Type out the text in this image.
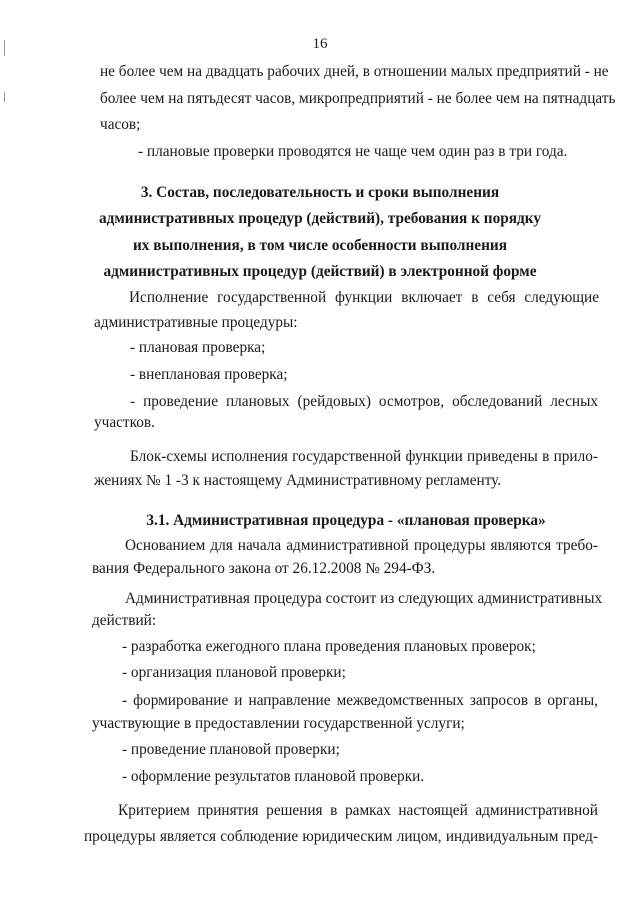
16
не более чем на двадцать рабочих дней, в отношении малых предприятий - не
более чем на пятьдесят часов, микропредприятий - не более чем на пятнадцать
часов;
- плановые проверки проводятся не чаще чем один раз в три года.
3. Состав, последовательность и сроки выполнения
административных процедур (действий), требования к порядку
их выполнения, в том числе особенности выполнения
административных процедур (действий) в электронной форме
Исполнение государственной функции включает в себя следующие
административные процедуры:
- плановая проверка;
- внеплановая проверка;
- проведение плановых (рейдовых) осмотров, обследований лесных
участков.
Блок-схемы исполнения государственной функции приведены в прило-
жениях № 1 -3 к настоящему Административному регламенту.
3.1. Административная процедура - «плановая проверка»
Основанием для начала административной процедуры являются требо-
вания Федерального закона от 26.12.2008 № 294-ФЗ.
Административная процедура состоит из следующих административных
действий:
- разработка ежегодного плана проведения плановых проверок;
- организация плановой проверки;
- формирование и направление межведомственных запросов в органы,
участвующие в предоставлении государственной услуги;
- проведение плановой проверки;
- оформление результатов плановой проверки.
Критерием принятия решения в рамках настоящей административной
процедуры является соблюдение юридическим лицом, индивидуальным пред-
